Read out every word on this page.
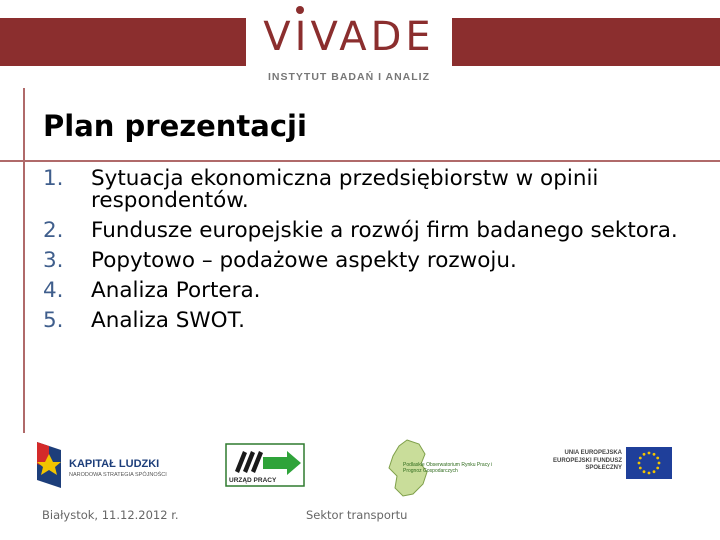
VIVADE
INSTYTUT BADAŃ I ANALIZ
Plan prezentacji
1. Sytuacja ekonomiczna przedsiębiorstw w opinii respondentów.
2. Fundusze europejskie a rozwój firm badanego sektora.
3. Popytowo – podażowe aspekty rozwoju.
4. Analiza Portera.
5. Analiza SWOT.
KAPITAŁ LUDZKI
NARODOWA STRATEGIA SPÓJNOŚCI
URZĄD PRACY
Podlaskie Obserwatorium Rynku Pracy i Prognoz Gospodarczych
UNIA EUROPEJSKA EUROPEJSKI FUNDUSZ SPOŁECZNY
Białystok, 11.12.2012 r.	Sektor transportu
